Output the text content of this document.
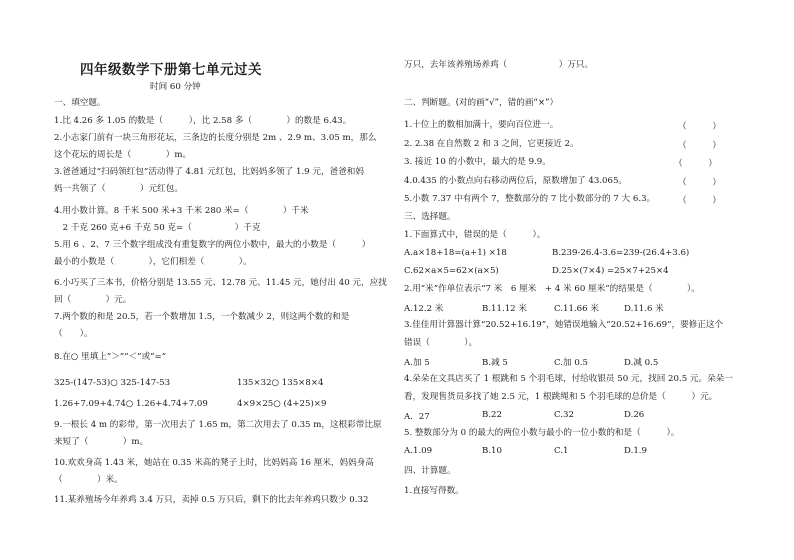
四年级数学下册第七单元过关
时间 60 分钟
一、填空题。
1.比 4.26 多 1.05 的数是（　　　），比 2.58 多（　　　　）的数是 6.43。
2.小志家门前有一块三角形花坛，三条边的长度分别是 2m 、2.9 m、3.05 m，那么
这个花坛的周长是（　　　　）m。
3.爸爸通过“扫码领红包”活动得了 4.81 元红包，比妈妈多领了 1.9 元，爸爸和妈
妈一共领了（　　　　）元红包。
4.用小数计算。8 千米 500 米+3 千米 280 米=（　　　　）千米
　2 千克 260 克+6 千克 50 克=（　　　　　）千克
5.用 6 、2、7 三个数字组成没有重复数字的两位小数中，最大的小数是（　　　）
最小的小数是（　　　　），它们相差（　　　　）。
6.小巧买了三本书，价格分别是 13.55 元、12.78 元、11.45 元，她付出 40 元，应找
回（　　　　）元。
7.两个数的和是 20.5，若一个数增加 1.5，一个数减少 2，则这两个数的和是
（　　）。
8.在○ 里填上“＞”“＜”或“=”
325-(147-53)○ 325-147-53	135×32○ 135×8×4
1.26+7.09+4.74○ 1.26+4.74+7.09	4×9×25○ (4+25)×9
9.一根长 4 m 的彩带，第一次用去了 1.65 m，第二次用去了 0.35 m，这根彩带比原
来短了（　　　　）m。
10.欢欢身高 1.43 米，她站在 0.35 米高的凳子上时，比妈妈高 16 厘米，妈妈身高
（　　　　）米。
11.某养殖场今年养鸡 3.4 万只，卖掉 0.5 万只后，剩下的比去年养鸡只数少 0.32
万只，去年该养殖场养鸡（　　　　　　）万只。
二、判断题。(对的画“√”，错的画“×”）
1.十位上的数相加满十，要向百位进一。	（　　　）
2. 2.38 在自然数 2 和 3 之间，它更接近 2。	（　　　）
3. 接近 10 的小数中，最大的是 9.9。	（　　　）
4.0.435 的小数点向右移动两位后，原数增加了 43.065。	（　　　）
5.小数 7.37 中有两个 7，整数部分的 7 比小数部分的 7 大 6.3。	（　　　）
三、选择题。
1.下面算式中，错误的是（　　　）。
A.a×18+18=(a+1) ×18	B.239-26.4-3.6=239-(26.4+3.6)
C.62×a×5=62×(a×5)	D.25×(7×4) =25×7+25×4
2.用“米”作单位表示“7 米　6 厘米　+ 4 米 60 厘米”的结果是（　　　　）。
A.12.2 米	B.11.12 米	C.11.66 米	D.11.6 米
3.佳佳用计算器计算“20.52+16.19”，她错误地输入“20.52+16.69”，要修正这个
错误（　　　　）。
A.加 5	B.减 5	C.加 0.5	D.减 0.5
4.朵朵在文具店买了 1 根跳和 5 个羽毛球，付给收银员 50 元，找回 20.5 元。朵朵一
看，发现售货员多找了她 2.5 元，1 根跳绳和 5 个羽毛球的总价是（　　　）元。
A．27	B.22	C.32	D.26
5. 整数部分为 0 的最大的两位小数与最小的一位小数的和是（　　　）。
A.1.09	B.10	C.1	D.1.9
四、计算题。
1.直接写得数。
